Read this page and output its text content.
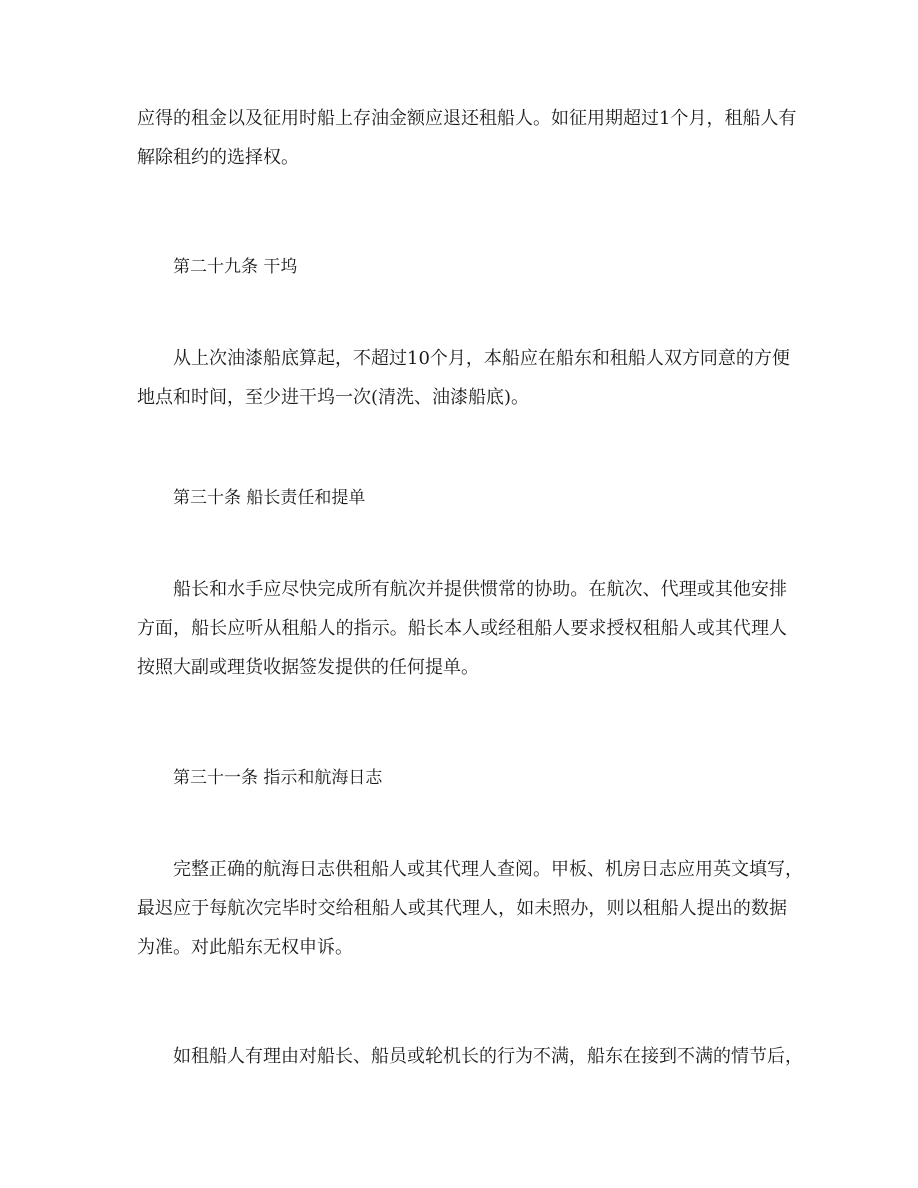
应得的租金以及征用时船上存油金额应退还租船人。如征用期超过1个月，租船人有
解除租约的选择权。
第二十九条 干坞
从上次油漆船底算起，不超过10个月，本船应在船东和租船人双方同意的方便
地点和时间，至少进干坞一次(清洗、油漆船底)。
第三十条 船长责任和提单
船长和水手应尽快完成所有航次并提供惯常的协助。在航次、代理或其他安排
方面，船长应听从租船人的指示。船长本人或经租船人要求授权租船人或其代理人
按照大副或理货收据签发提供的任何提单。
第三十一条 指示和航海日志
完整正确的航海日志供租船人或其代理人查阅。甲板、机房日志应用英文填写，
最迟应于每航次完毕时交给租船人或其代理人，如未照办，则以租船人提出的数据
为准。对此船东无权申诉。
如租船人有理由对船长、船员或轮机长的行为不满，船东在接到不满的情节后，
